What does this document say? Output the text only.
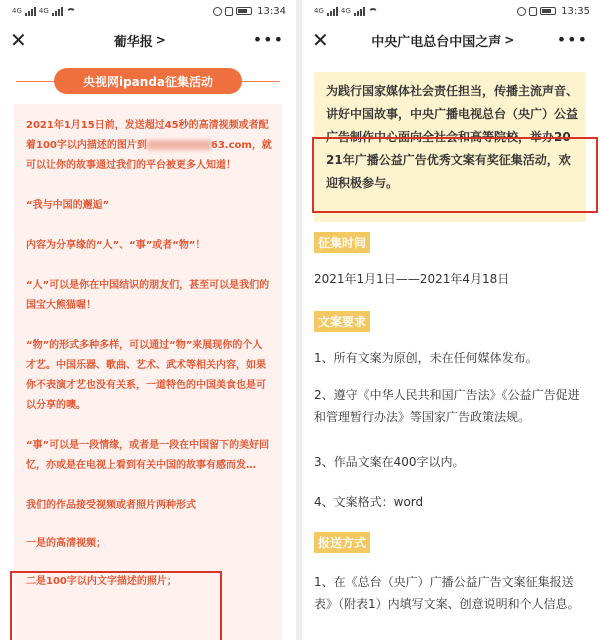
4G 4G	13:34
✕	葡华报 >	•••
央视网ipanda征集活动

2021年1月15日前，发送超过45秒的高清视频或者配着100字以内描述的图片到	63.com，就可以让你的故事通过我们的平台被更多人知道！

“我与中国的邂逅”

内容为分享缘的“人”、“事”或者“物”！

“人”可以是你在中国结识的朋友们，甚至可以是我们的国宝大熊猫喔！

“物”的形式多种多样，可以通过“物”来展现你的个人才艺。中国乐器、歌曲、艺术、武术等相关内容，如果你不表演才艺也没有关系，一道特色的中国美食也是可以分享的噢。

“事”可以是一段情缘，或者是一段在中国留下的美好回忆，亦或是在电视上看到有关中国的故事有感而发…

我们的作品接受视频或者照片两种形式

一是的高清视频；

二是100字以内文字描述的照片；

4G 4G	13:35
✕	中央广电总台中国之声 >	•••

为践行国家媒体社会责任担当，传播主流声音、讲好中国故事，中央广播电视总台（央广）公益广告制作中心面向全社会和高等院校，举办2021年广播公益广告优秀文案有奖征集活动，欢迎积极参与。

征集时间
2021年1月1日——2021年4月18日
文案要求
1、所有文案为原创，未在任何媒体发布。
2、遵守《中华人民共和国广告法》《公益广告促进和管理暂行办法》等国家广告政策法规。
3、作品文案在400字以内。
4、文案格式：word
报送方式
1、在《总台（央广）广播公益广告文案征集报送表》（附表1）内填写文案、创意说明和个人信息。
